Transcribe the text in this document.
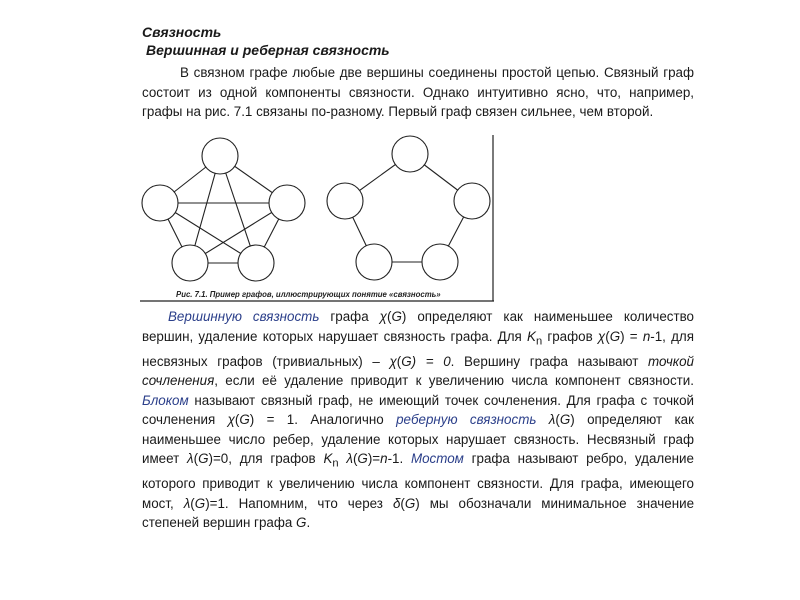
Связность
Вершинная и реберная связность

В связном графе любые две вершины соединены простой цепью. Связный граф состоит из одной компоненты связности. Однако интуитивно ясно, что, например, графы на рис. 7.1 связаны по-разному. Первый граф связен сильнее, чем второй.

Рис. 7.1. Пример графов, иллюстрирующих понятие «связность»

Вершинную связность графа χ(G) определяют как наименьшее количество вершин, удаление которых нарушает связность графа. Для $K_n$ графов χ(G) = n-1, для несвязных графов (тривиальных) – χ(G) = 0. Вершину графа называют точкой сочленения, если её удаление приводит к увеличению числа компонент связности. Блоком называют связный граф, не имеющий точек сочленения. Для графа с точкой сочленения χ(G) = 1. Аналогично реберную связность λ(G) определяют как наименьшее число ребер, удаление которых нарушает связность. Несвязный граф имеет λ(G)=0, для графов $K_n$ λ(G)=n-1. Мостом графа называют ребро, удаление которого приводит к увеличению числа компонент связности. Для графа, имеющего мост, λ(G)=1. Напомним, что через δ(G) мы обозначали минимальное значение степеней вершин графа G.
